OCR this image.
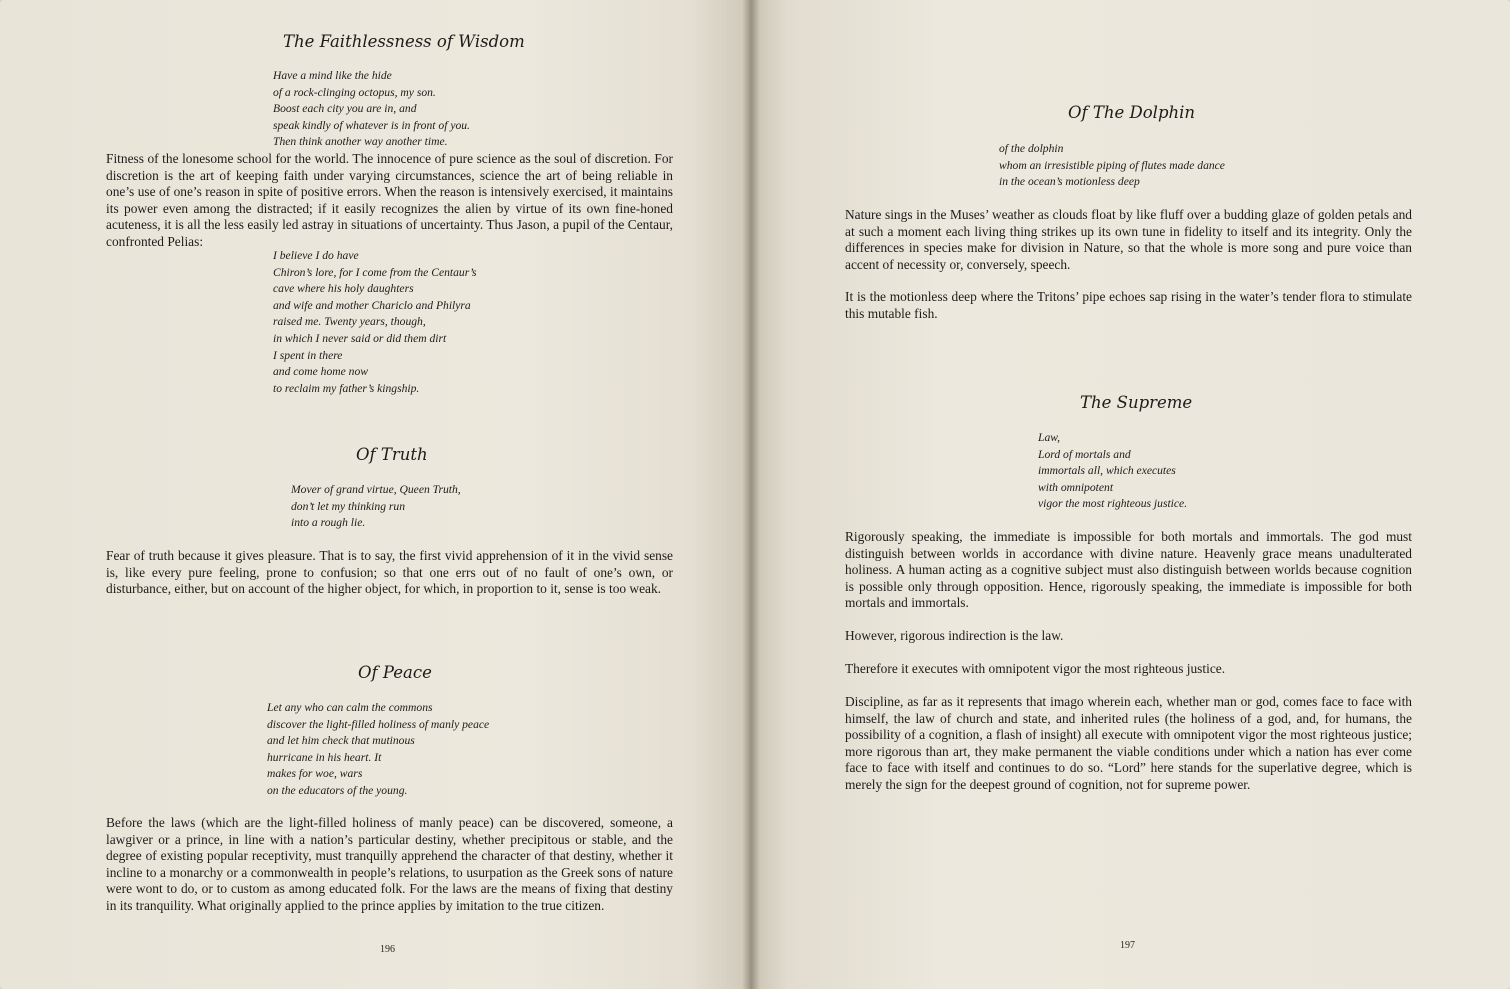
The Faithlessness of Wisdom
Have a mind like the hide
of a rock-clinging octopus, my son.
Boost each city you are in, and
speak kindly of whatever is in front of you.
Then think another way another time.

Fitness of the lonesome school for the world. The innocence of pure science as the soul of discretion. For discretion is the art of keeping faith under varying circumstances, science the art of being reliable in one’s use of one’s reason in spite of positive errors. When the reason is intensively exercised, it maintains its power even among the distracted; if it easily recognizes the alien by virtue of its own fine-honed acuteness, it is all the less easily led astray in situations of uncertainty. Thus Jason, a pupil of the Centaur, confronted Pelias:

I believe I do have
Chiron’s lore, for I come from the Centaur’s
cave where his holy daughters
and wife and mother Chariclo and Philyra
raised me. Twenty years, though,
in which I never said or did them dirt
I spent in there
and come home now
to reclaim my father’s kingship.
Of Truth
Mover of grand virtue, Queen Truth,
don’t let my thinking run
into a rough lie.

Fear of truth because it gives pleasure. That is to say, the first vivid apprehension of it in the vivid sense is, like every pure feeling, prone to confusion; so that one errs out of no fault of one’s own, or disturbance, either, but on account of the higher object, for which, in proportion to it, sense is too weak.

Of Peace
Let any who can calm the commons
discover the light-filled holiness of manly peace
and let him check that mutinous
hurricane in his heart. It
makes for woe, wars
on the educators of the young.

Before the laws (which are the light-filled holiness of manly peace) can be discovered, someone, a lawgiver or a prince, in line with a nation’s particular destiny, whether precipitous or stable, and the degree of existing popular receptivity, must tranquilly apprehend the character of that destiny, whether it incline to a monarchy or a commonwealth in people’s relations, to usurpation as the Greek sons of nature were wont to do, or to custom as among educated folk. For the laws are the means of fixing that destiny in its tranquility. What originally applied to the prince applies by imitation to the true citizen.

196

Of The Dolphin
of the dolphin
whom an irresistible piping of flutes made dance
in the ocean’s motionless deep

Nature sings in the Muses’ weather as clouds float by like fluff over a budding glaze of golden petals and at such a moment each living thing strikes up its own tune in fidelity to itself and its integrity. Only the differences in species make for division in Nature, so that the whole is more song and pure voice than accent of necessity or, conversely, speech.

It is the motionless deep where the Tritons’ pipe echoes sap rising in the water’s tender flora to stimulate this mutable fish.

The Supreme
Law,
Lord of mortals and
immortals all, which executes
with omnipotent
vigor the most righteous justice.

Rigorously speaking, the immediate is impossible for both mortals and immortals. The god must distinguish between worlds in accordance with divine nature. Heavenly grace means unadulterated holiness. A human acting as a cognitive subject must also distinguish between worlds because cognition is possible only through opposition. Hence, rigorously speaking, the immediate is impossible for both mortals and immortals.

However, rigorous indirection is the law.

Therefore it executes with omnipotent vigor the most righteous justice.

Discipline, as far as it represents that imago wherein each, whether man or god, comes face to face with himself, the law of church and state, and inherited rules (the holiness of a god, and, for humans, the possibility of a cognition, a flash of insight) all execute with omnipotent vigor the most righteous justice; more rigorous than art, they make permanent the viable conditions under which a nation has ever come face to face with itself and continues to do so. “Lord” here stands for the superlative degree, which is merely the sign for the deepest ground of cognition, not for supreme power.

197
